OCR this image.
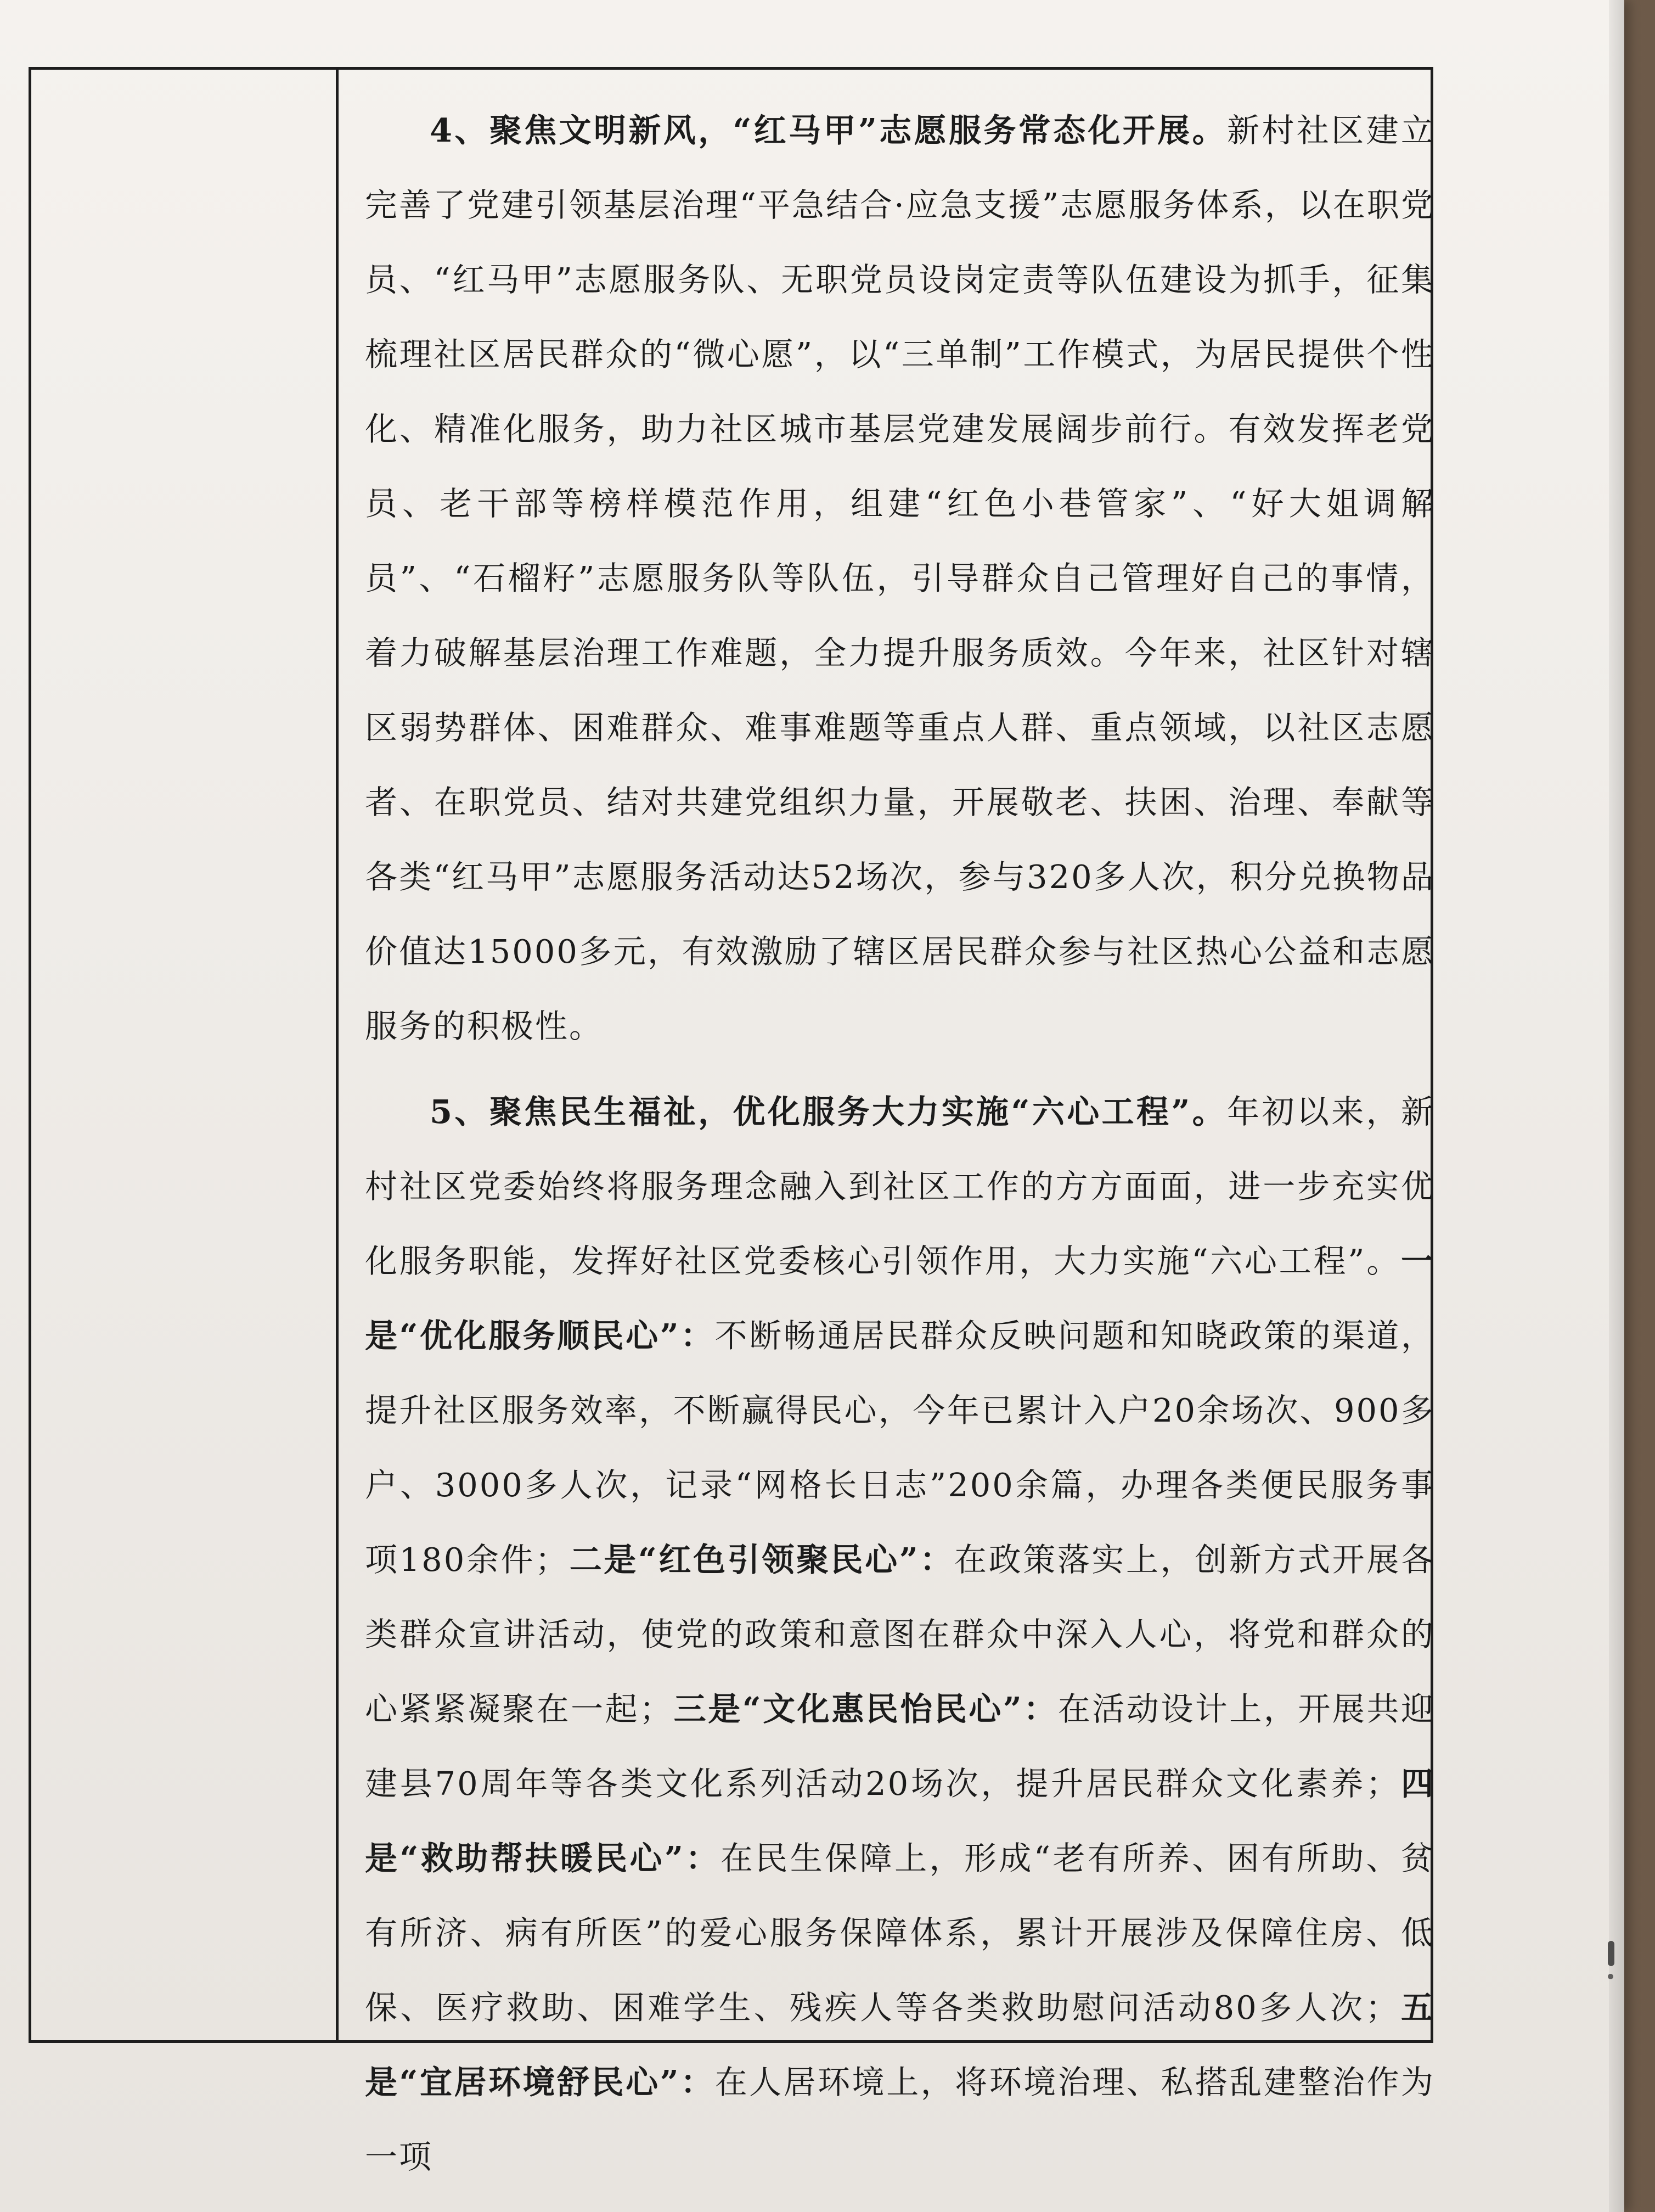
4、聚焦文明新风，“红马甲”志愿服务常态化开展。新村社区建立完善了党建引领基层治理“平急结合·应急支援”志愿服务体系，以在职党员、“红马甲”志愿服务队、无职党员设岗定责等队伍建设为抓手，征集梳理社区居民群众的“微心愿”，以“三单制”工作模式，为居民提供个性化、精准化服务，助力社区城市基层党建发展阔步前行。有效发挥老党员、老干部等榜样模范作用，组建“红色小巷管家”、“好大姐调解员”、“石榴籽”志愿服务队等队伍，引导群众自己管理好自己的事情，着力破解基层治理工作难题，全力提升服务质效。今年来，社区针对辖区弱势群体、困难群众、难事难题等重点人群、重点领域，以社区志愿者、在职党员、结对共建党组织力量，开展敬老、扶困、治理、奉献等各类“红马甲”志愿服务活动达52场次，参与320多人次，积分兑换物品价值达15000多元，有效激励了辖区居民群众参与社区热心公益和志愿服务的积极性。

5、聚焦民生福祉，优化服务大力实施“六心工程”。年初以来，新村社区党委始终将服务理念融入到社区工作的方方面面，进一步充实优化服务职能，发挥好社区党委核心引领作用，大力实施“六心工程”。一是“优化服务顺民心”：不断畅通居民群众反映问题和知晓政策的渠道，提升社区服务效率，不断赢得民心，今年已累计入户20余场次、900多户、3000多人次，记录“网格长日志”200余篇，办理各类便民服务事项180余件；二是“红色引领聚民心”：在政策落实上，创新方式开展各类群众宣讲活动，使党的政策和意图在群众中深入人心，将党和群众的心紧紧凝聚在一起；三是“文化惠民怡民心”：在活动设计上，开展共迎建县70周年等各类文化系列活动20场次，提升居民群众文化素养；四是“救助帮扶暖民心”：在民生保障上，形成“老有所养、困有所助、贫有所济、病有所医”的爱心服务保障体系，累计开展涉及保障住房、低保、医疗救助、困难学生、残疾人等各类救助慰问活动80多人次；五是“宜居环境舒民心”：在人居环境上，将环境治理、私搭乱建整治作为一项
